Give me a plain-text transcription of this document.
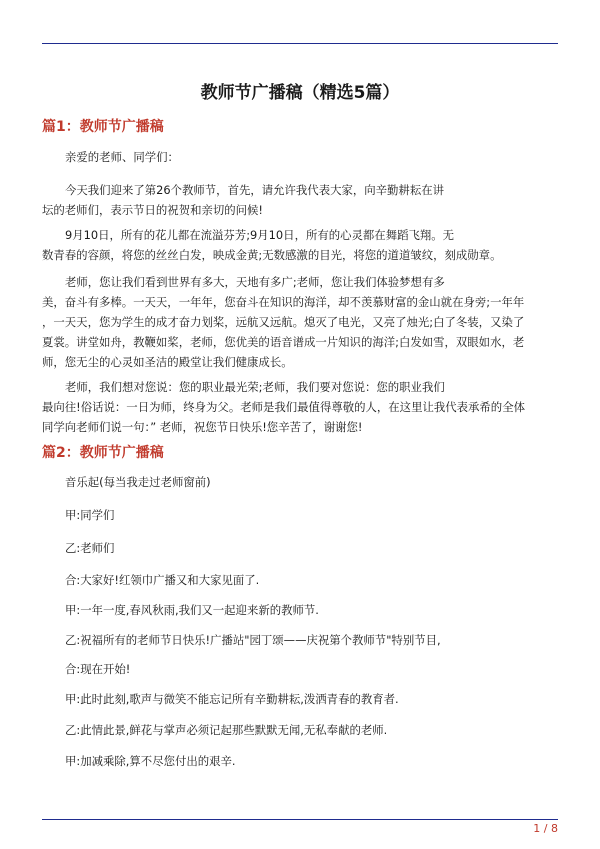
教师节广播稿（精选5篇）
篇1：教师节广播稿

亲爱的老师、同学们：

今天我们迎来了第26个教师节，首先，请允许我代表大家，向辛勤耕耘在讲
坛的老师们，表示节日的祝贺和亲切的问候!

9月10日，所有的花儿都在流溢芬芳;9月10日，所有的心灵都在舞蹈飞翔。无
数青春的容颜，将您的丝丝白发，映成金黄;无数感激的目光，将您的道道皱纹，刻成勋章。

老师，您让我们看到世界有多大，天地有多广;老师，您让我们体验梦想有多
美，奋斗有多棒。一天天，一年年，您奋斗在知识的海洋，却不羡慕财富的金山就在身旁;一年年
，一天天，您为学生的成才奋力划桨，远航又远航。熄灭了电光，又亮了烛光;白了冬装，又染了
夏裳。讲堂如舟，教鞭如桨，老师，您优美的语音谱成一片知识的海洋;白发如雪，双眼如水，老
师，您无尘的心灵如圣洁的殿堂让我们健康成长。

老师，我们想对您说：您的职业最光荣;老师，我们要对您说：您的职业我们
最向往!俗话说：一日为师，终身为父。老师是我们最值得尊敬的人，在这里让我代表承希的全体
同学向老师们说一句：” 老师，祝您节日快乐!您辛苦了，谢谢您!

篇2：教师节广播稿

音乐起(每当我走过老师窗前)

甲:同学们

乙:老师们

合:大家好!红领巾广播又和大家见面了.

甲:一年一度,春风秋雨,我们又一起迎来新的教师节.

乙:祝福所有的老师节日快乐!广播站"园丁颂——庆祝第个教师节"特别节目,

合:现在开始!

甲:此时此刻,歌声与微笑不能忘记所有辛勤耕耘,泼洒青春的教育者.

乙:此情此景,鲜花与掌声必须记起那些默默无闻,无私奉献的老师.

甲:加减乘除,算不尽您付出的艰辛.

1 / 8
